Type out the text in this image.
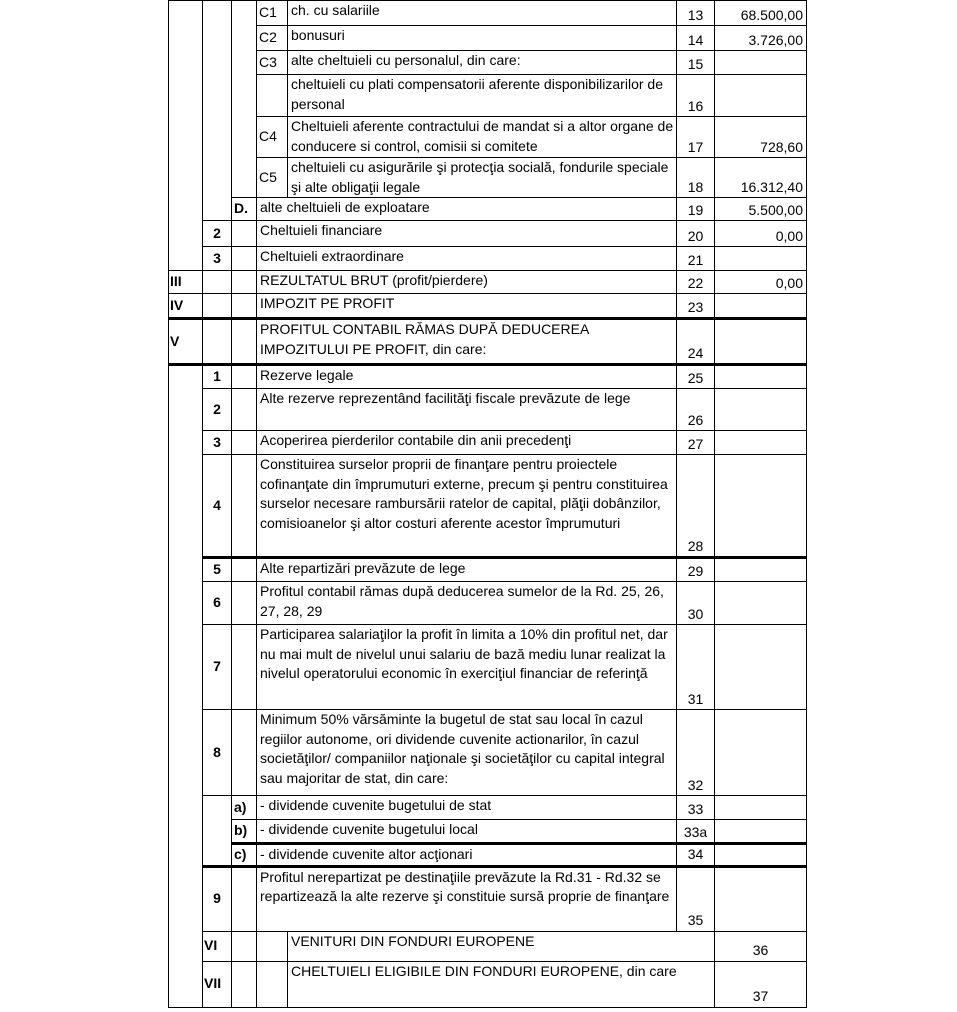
			C1	ch. cu salariile	13	68.500,00	
			C2	bonusuri	14	3.726,00	
			C3	alte cheltuieli cu personalul, din care:	15		
				cheltuieli cu plati compensatorii aferente disponibilizarilor de personal	16		
			C4	Cheltuieli aferente contractului de mandat si a altor organe de conducere si control, comisii si comitete	17	728,60	
			C5	cheltuieli cu asigurările şi protecţia socială, fondurile speciale şi alte obligaţii legale	18	16.312,40	
		D.	alte cheltuieli de exploatare		19	5.500,00	
	2		Cheltuieli financiare		20	0,00	
	3		Cheltuieli extraordinare		21		
III			REZULTATUL BRUT (profit/pierdere)		22	0,00	
IV			IMPOZIT PE PROFIT		23		
V			PROFITUL CONTABIL RĂMAS DUPĂ DEDUCEREA IMPOZITULUI PE PROFIT, din care:		24		
	1		Rezerve legale		25		
	2		Alte rezerve reprezentând facilităţi fiscale prevăzute de lege		26		
	3		Acoperirea pierderilor contabile din anii precedenţi		27		
	4		Constituirea surselor proprii de finanţare pentru proiectele cofinanţate din împrumuturi externe, precum şi pentru constituirea surselor necesare rambursării ratelor de capital, plăţii dobânzilor, comisioanelor şi altor costuri aferente acestor împrumuturi		28		
	5		Alte repartizări prevăzute de lege		29		
	6		Profitul contabil rămas după deducerea sumelor de la Rd. 25, 26, 27, 28, 29		30		
	7		Participarea salariaţilor la profit în limita a 10% din profitul net, dar nu mai mult de nivelul unui salariu de bază mediu lunar realizat la nivelul operatorului economic în exerciţiul financiar de referinţă		31		
	8		Minimum 50% vărsăminte la bugetul de stat sau local în cazul regiilor autonome, ori dividende cuvenite actionarilor, în cazul societăţilor/ companiilor naţionale şi societăţilor cu capital integral sau majoritar de stat, din care:		32		
		a)	- dividende cuvenite bugetului de stat		33		
		b)	- dividende cuvenite bugetului local		33a		
		c)	- dividende cuvenite altor acţionari		34		
	9		Profitul nerepartizat pe destinaţiile prevăzute la Rd.31 - Rd.32 se repartizează la alte rezerve şi constituie sursă proprie de finanţare		35		
	VI			VENITURI DIN FONDURI EUROPENE		36	
	VII			CHELTUIELI ELIGIBILE DIN FONDURI EUROPENE, din care		37	
